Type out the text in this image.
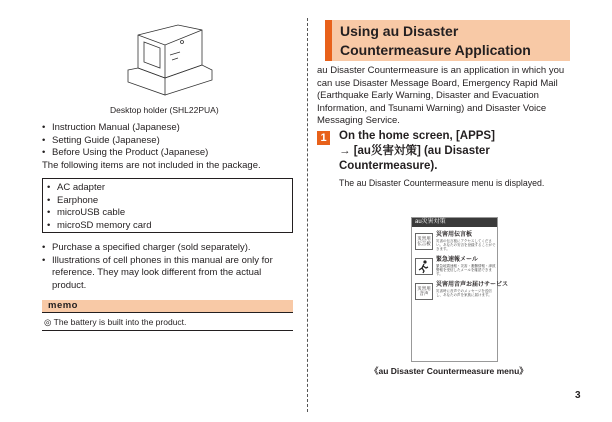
Desktop holder (SHL22PUA)
• Instruction Manual (Japanese)
• Setting Guide (Japanese)
• Before Using the Product (Japanese)
The following items are not included in the package.
• AC adapter
• Earphone
• microUSB cable
• microSD memory card
• Purchase a specified charger (sold separately).
• Illustrations of cell phones in this manual are only for reference. They may look different from the actual product.
memo
◎ The battery is built into the product.
Using au Disaster
Countermeasure Application
au Disaster Countermeasure is an application in which you can use Disaster Message Board, Emergency Rapid Mail (Earthquake Early Warning, Disaster and Evacuation Information, and Tsunami Warning) and Disaster Voice Messaging Service.
1 On the home screen, [APPS]
→ [au災害対策] (au Disaster
Countermeasure).
The au Disaster Countermeasure menu is displayed.
au災害対策
災害用 伝言板
災害用伝言板
災害の伝言板にアクセスしてください。あなたの安否を登録することができます。
緊急速報メール
緊急地震速報・災害・避難情報・津波警報を受信したメールを確認できます。
災害用音声
災害用音声お届けサービス
災害時に音声でのメッセージを送信し、あなたの声を家族に届けます。
《au Disaster Countermeasure menu》
3
